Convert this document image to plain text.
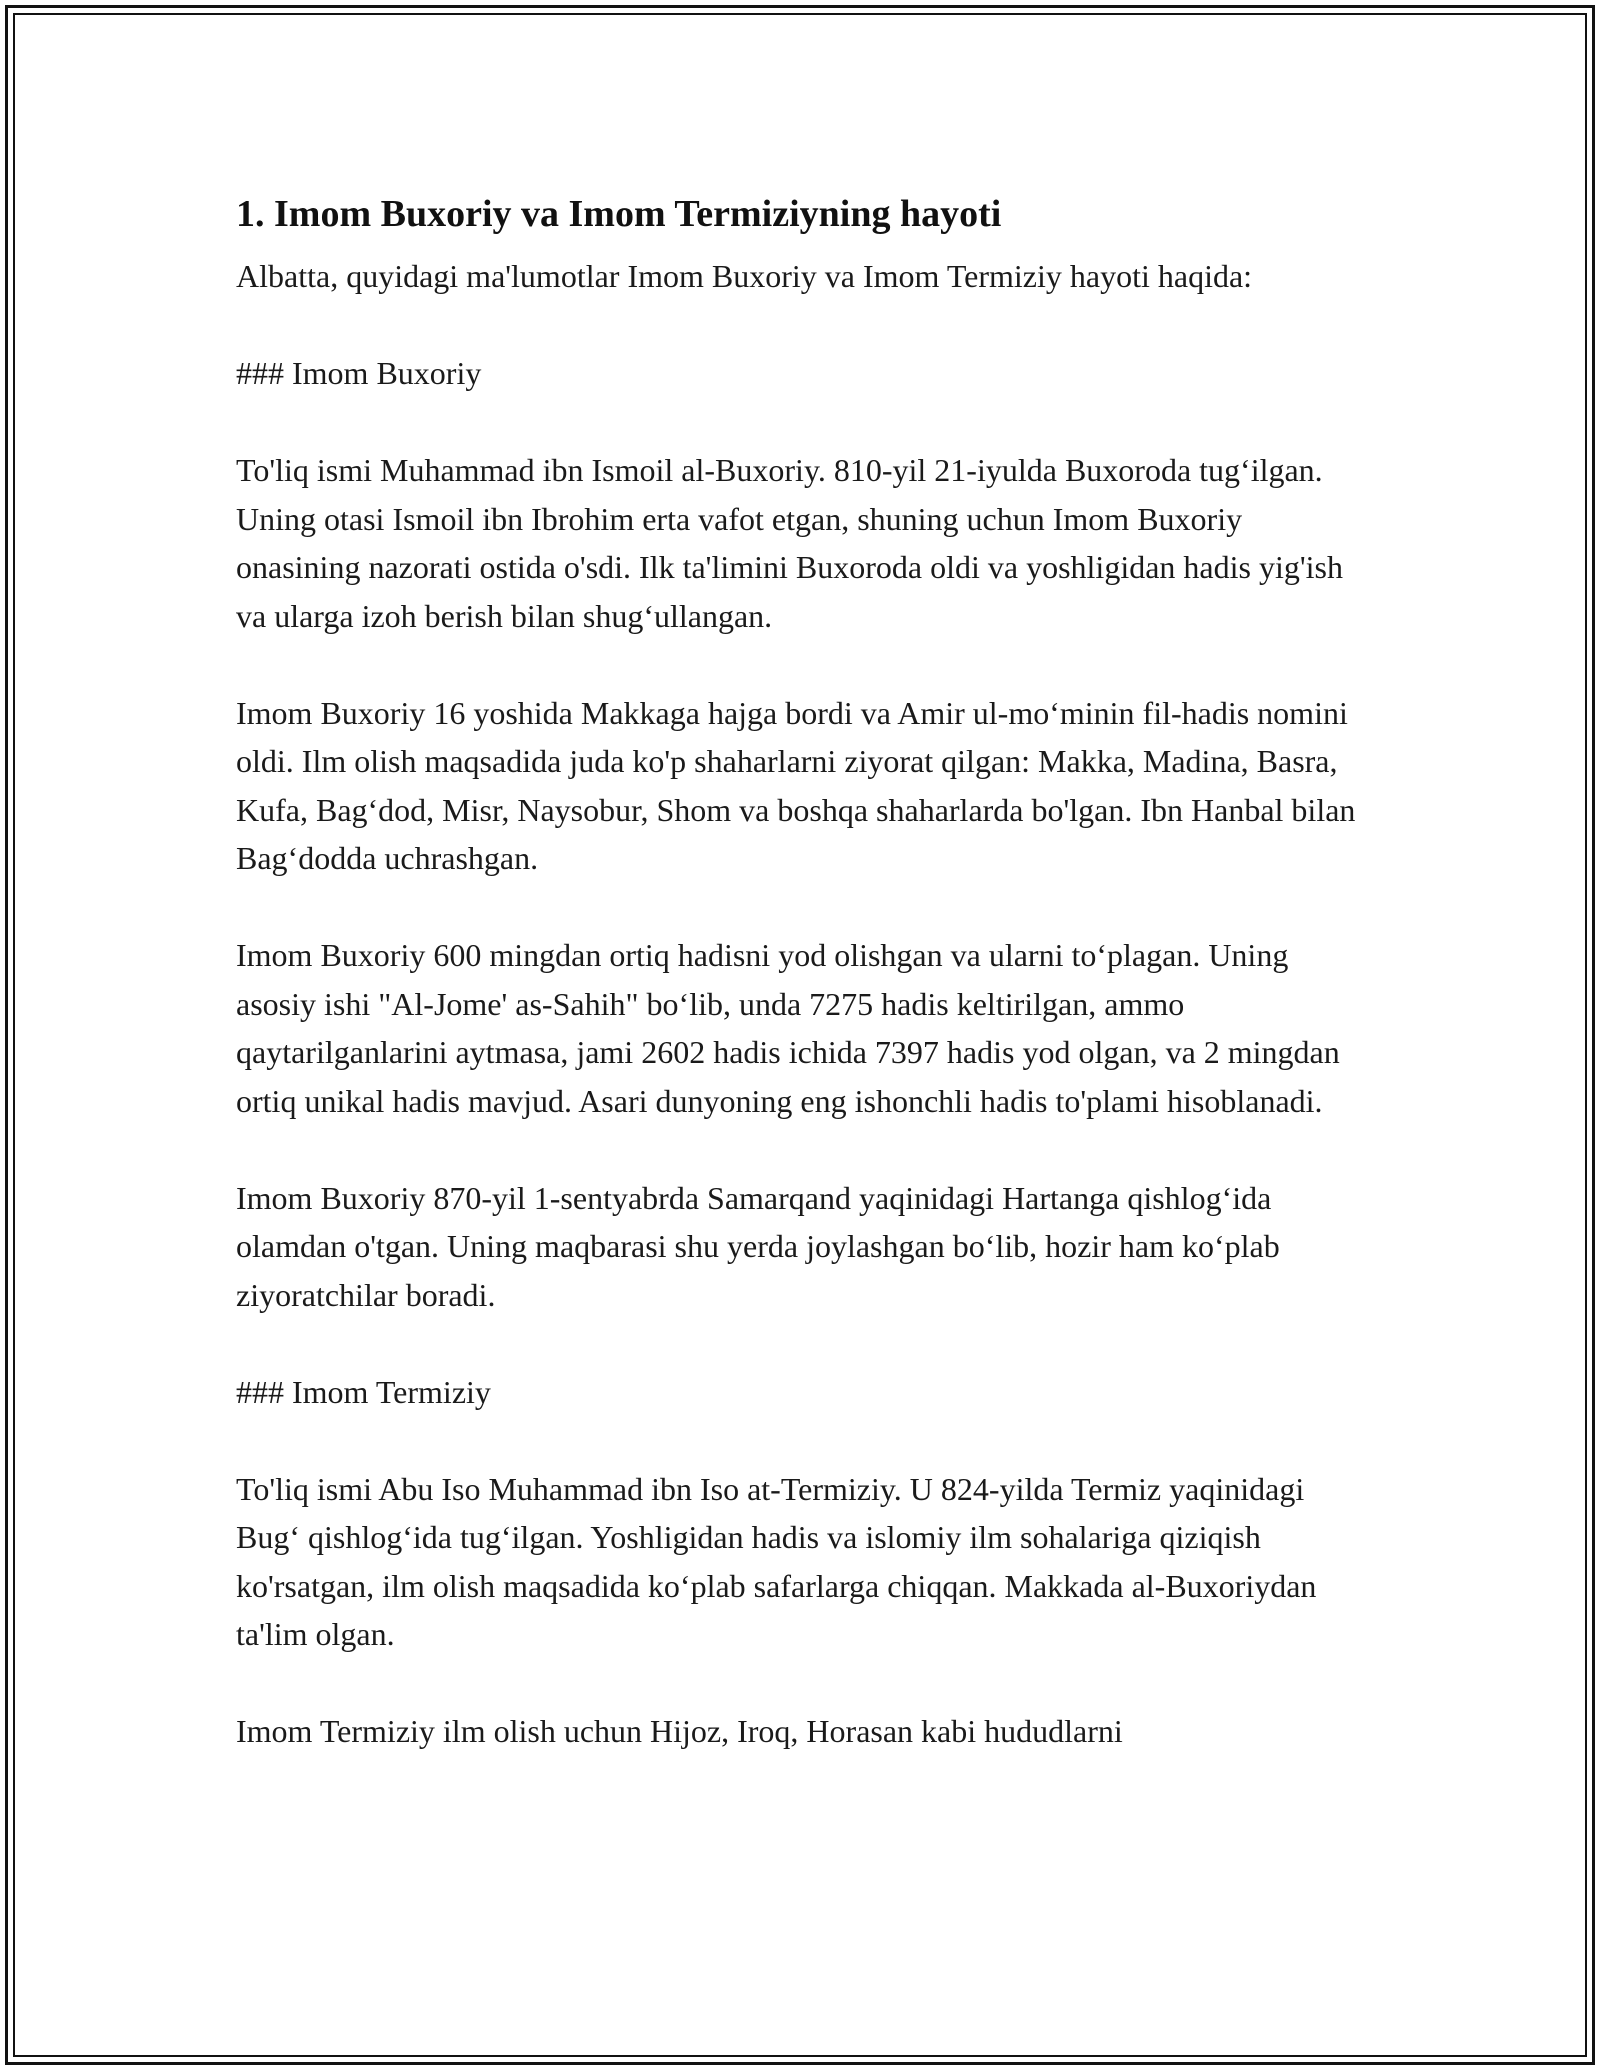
1. Imom Buxoriy va Imom Termiziyning hayoti

Albatta, quyidagi ma'lumotlar Imom Buxoriy va Imom Termiziy hayoti haqida:

### Imom Buxoriy

To'liq ismi Muhammad ibn Ismoil al-Buxoriy. 810-yil 21-iyulda Buxoroda tug‘ilgan. Uning otasi Ismoil ibn Ibrohim erta vafot etgan, shuning uchun Imom Buxoriy onasining nazorati ostida o'sdi. Ilk ta'limini Buxoroda oldi va yoshligidan hadis yig'ish va ularga izoh berish bilan shug‘ullangan.

Imom Buxoriy 16 yoshida Makkaga hajga bordi va Amir ul-mo‘minin fil-hadis nomini oldi. Ilm olish maqsadida juda ko'p shaharlarni ziyorat qilgan: Makka, Madina, Basra, Kufa, Bag‘dod, Misr, Naysobur, Shom va boshqa shaharlarda bo'lgan. Ibn Hanbal bilan Bag‘dodda uchrashgan.

Imom Buxoriy 600 mingdan ortiq hadisni yod olishgan va ularni to‘plagan. Uning asosiy ishi "Al-Jome' as-Sahih" bo‘lib, unda 7275 hadis keltirilgan, ammo qaytarilganlarini aytmasa, jami 2602 hadis ichida 7397 hadis yod olgan, va 2 mingdan ortiq unikal hadis mavjud. Asari dunyoning eng ishonchli hadis to'plami hisoblanadi.

Imom Buxoriy 870-yil 1-sentyabrda Samarqand yaqinidagi Hartanga qishlog‘ida olamdan o'tgan. Uning maqbarasi shu yerda joylashgan bo‘lib, hozir ham ko‘plab ziyoratchilar boradi.

### Imom Termiziy

To'liq ismi Abu Iso Muhammad ibn Iso at-Termiziy. U 824-yilda Termiz yaqinidagi Bug‘ qishlog‘ida tug‘ilgan. Yoshligidan hadis va islomiy ilm sohalariga qiziqish ko'rsatgan, ilm olish maqsadida ko‘plab safarlarga chiqqan. Makkada al-Buxoriydan ta'lim olgan.

Imom Termiziy ilm olish uchun Hijoz, Iroq, Horasan kabi hududlarni
